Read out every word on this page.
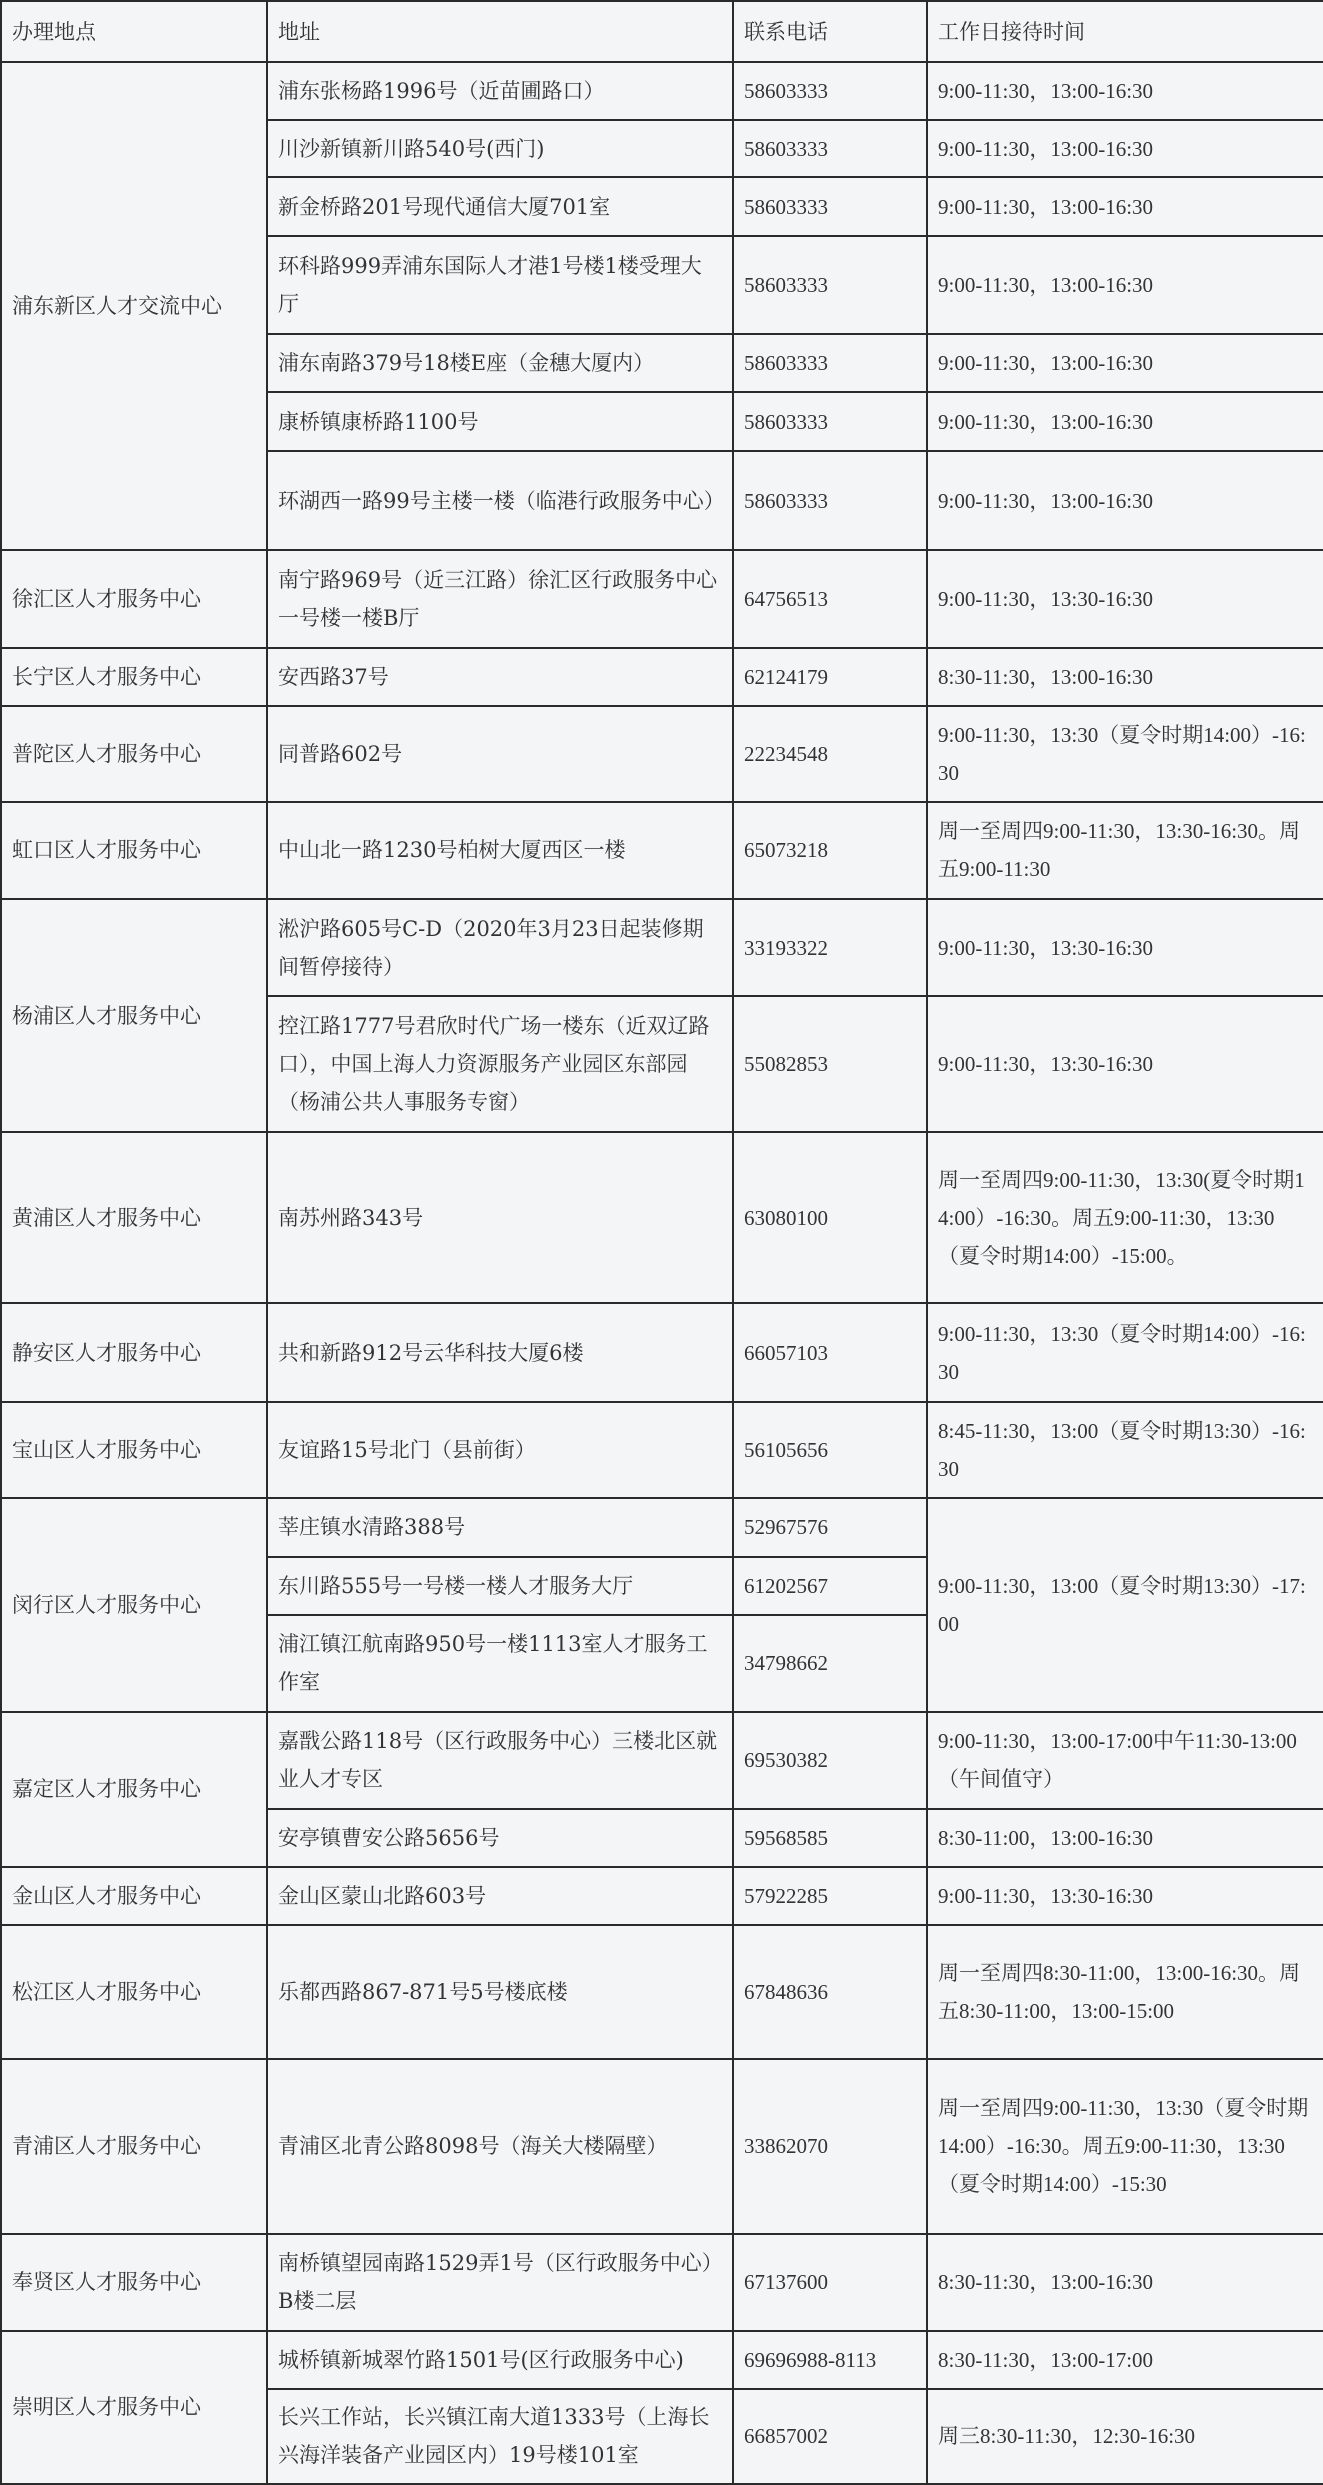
办理地点	地址	联系电话	工作日接待时间
浦东新区人才交流中心	浦东张杨路1996号（近苗圃路口）	58603333	9:00-11:30，13:00-16:30
	川沙新镇新川路540号(西门)	58603333	9:00-11:30，13:00-16:30
	新金桥路201号现代通信大厦701室	58603333	9:00-11:30，13:00-16:30
	环科路999弄浦东国际人才港1号楼1楼受理大厅	58603333	9:00-11:30，13:00-16:30
	浦东南路379号18楼E座（金穗大厦内）	58603333	9:00-11:30，13:00-16:30
	康桥镇康桥路1100号	58603333	9:00-11:30，13:00-16:30
	环湖西一路99号主楼一楼（临港行政服务中心）	58603333	9:00-11:30，13:00-16:30
徐汇区人才服务中心	南宁路969号（近三江路）徐汇区行政服务中心一号楼一楼B厅	64756513	9:00-11:30，13:30-16:30
长宁区人才服务中心	安西路37号	62124179	8:30-11:30，13:00-16:30
普陀区人才服务中心	同普路602号	22234548	9:00-11:30，13:30（夏令时期14:00）-16:30
虹口区人才服务中心	中山北一路1230号柏树大厦西区一楼	65073218	周一至周四9:00-11:30，13:30-16:30。周五9:00-11:30
杨浦区人才服务中心	淞沪路605号C-D（2020年3月23日起装修期间暂停接待）	33193322	9:00-11:30，13:30-16:30
	控江路1777号君欣时代广场一楼东（近双辽路口），中国上海人力资源服务产业园区东部园（杨浦公共人事服务专窗）	55082853	9:00-11:30，13:30-16:30
黄浦区人才服务中心	南苏州路343号	63080100	周一至周四9:00-11:30，13:30(夏令时期14:00）-16:30。周五9:00-11:30，13:30（夏令时期14:00）-15:00。
静安区人才服务中心	共和新路912号云华科技大厦6楼	66057103	9:00-11:30，13:30（夏令时期14:00）-16:30
宝山区人才服务中心	友谊路15号北门（县前街）	56105656	8:45-11:30，13:00（夏令时期13:30）-16:30
闵行区人才服务中心	莘庄镇水清路388号	52967576	9:00-11:30，13:00（夏令时期13:30）-17:00
	东川路555号一号楼一楼人才服务大厅	61202567	
	浦江镇江航南路950号一楼1113室人才服务工作室	34798662	
嘉定区人才服务中心	嘉戬公路118号（区行政服务中心）三楼北区就业人才专区	69530382	9:00-11:30，13:00-17:00中午11:30-13:00（午间值守）
	安亭镇曹安公路5656号	59568585	8:30-11:00，13:00-16:30
金山区人才服务中心	金山区蒙山北路603号	57922285	9:00-11:30，13:30-16:30
松江区人才服务中心	乐都西路867-871号5号楼底楼	67848636	周一至周四8:30-11:00，13:00-16:30。周五8:30-11:00，13:00-15:00
青浦区人才服务中心	青浦区北青公路8098号（海关大楼隔壁）	33862070	周一至周四9:00-11:30，13:30（夏令时期14:00）-16:30。周五9:00-11:30，13:30（夏令时期14:00）-15:30
奉贤区人才服务中心	南桥镇望园南路1529弄1号（区行政服务中心）B楼二层	67137600	8:30-11:30，13:00-16:30
崇明区人才服务中心	城桥镇新城翠竹路1501号(区行政服务中心)	69696988-8113	8:30-11:30，13:00-17:00
	长兴工作站，长兴镇江南大道1333号（上海长兴海洋装备产业园区内）19号楼101室	66857002	周三8:30-11:30，12:30-16:30
